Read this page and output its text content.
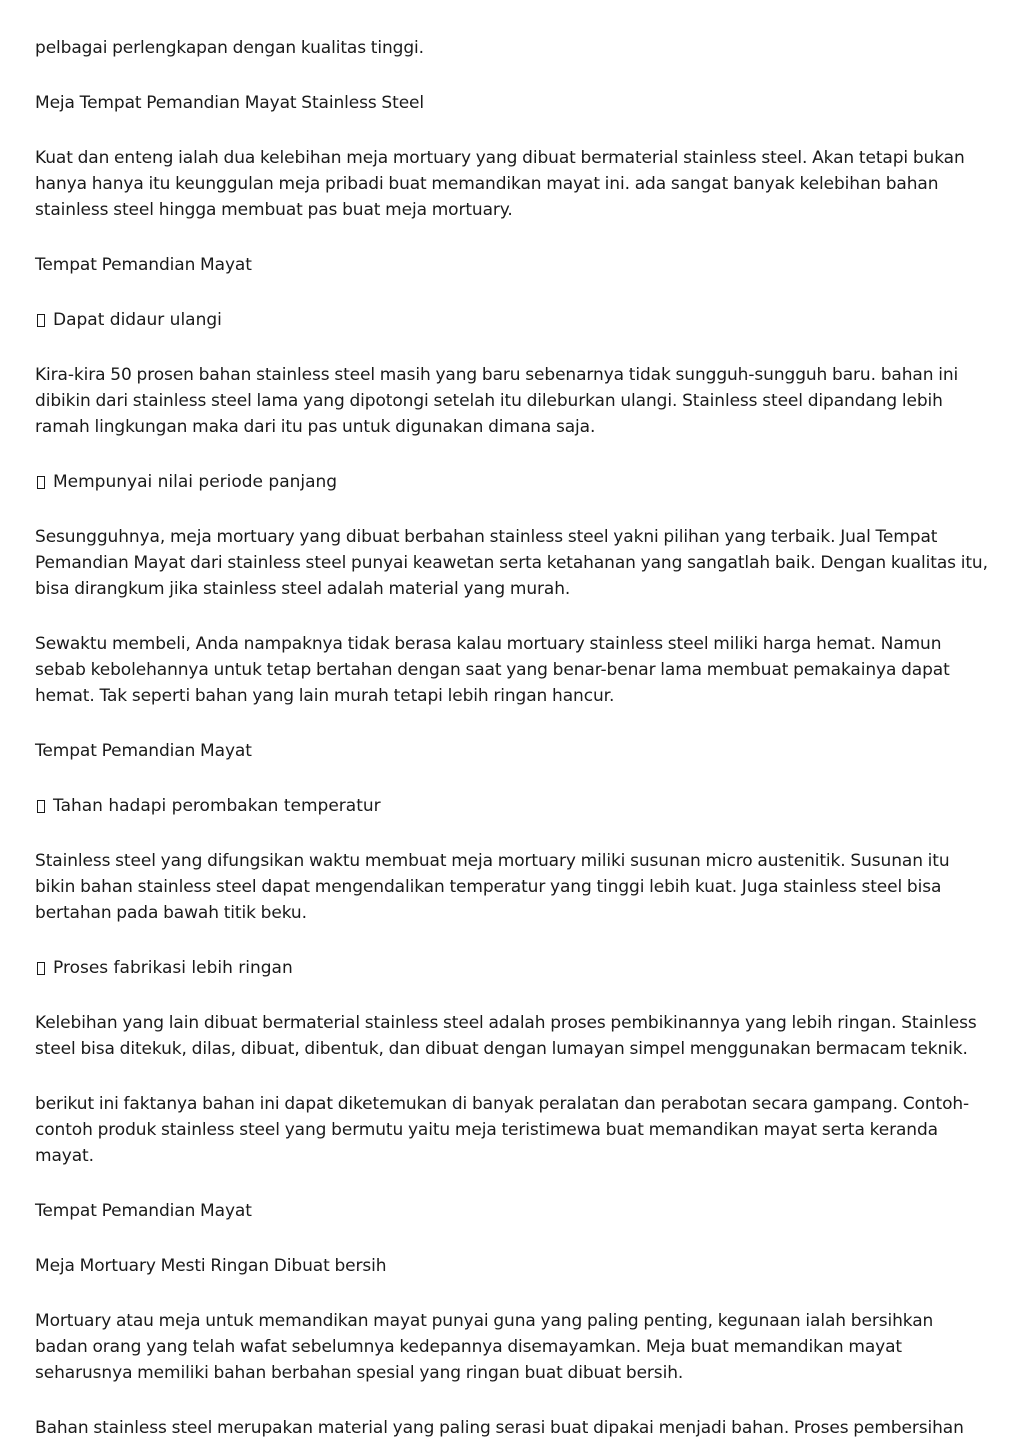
pelbagai perlengkapan dengan kualitas tinggi.

Meja Tempat Pemandian Mayat Stainless Steel

Kuat dan enteng ialah dua kelebihan meja mortuary yang dibuat bermaterial stainless steel. Akan tetapi bukan hanya hanya itu keunggulan meja pribadi buat memandikan mayat ini. ada sangat banyak kelebihan bahan stainless steel hingga membuat pas buat meja mortuary.

Tempat Pemandian Mayat

Dapat didaur ulangi

Kira-kira 50 prosen bahan stainless steel masih yang baru sebenarnya tidak sungguh-sungguh baru. bahan ini dibikin dari stainless steel lama yang dipotongi setelah itu dileburkan ulangi. Stainless steel dipandang lebih ramah lingkungan maka dari itu pas untuk digunakan dimana saja.

Mempunyai nilai periode panjang

Sesungguhnya, meja mortuary yang dibuat berbahan stainless steel yakni pilihan yang terbaik. Jual Tempat Pemandian Mayat dari stainless steel punyai keawetan serta ketahanan yang sangatlah baik. Dengan kualitas itu, bisa dirangkum jika stainless steel adalah material yang murah.

Sewaktu membeli, Anda nampaknya tidak berasa kalau mortuary stainless steel miliki harga hemat. Namun sebab kebolehannya untuk tetap bertahan dengan saat yang benar-benar lama membuat pemakainya dapat hemat. Tak seperti bahan yang lain murah tetapi lebih ringan hancur.

Tempat Pemandian Mayat

Tahan hadapi perombakan temperatur

Stainless steel yang difungsikan waktu membuat meja mortuary miliki susunan micro austenitik. Susunan itu bikin bahan stainless steel dapat mengendalikan temperatur yang tinggi lebih kuat. Juga stainless steel bisa bertahan pada bawah titik beku.

Proses fabrikasi lebih ringan

Kelebihan yang lain dibuat bermaterial stainless steel adalah proses pembikinannya yang lebih ringan. Stainless steel bisa ditekuk, dilas, dibuat, dibentuk, dan dibuat dengan lumayan simpel menggunakan bermacam teknik.

berikut ini faktanya bahan ini dapat diketemukan di banyak peralatan dan perabotan secara gampang. Contoh-contoh produk stainless steel yang bermutu yaitu meja teristimewa buat memandikan mayat serta keranda mayat.

Tempat Pemandian Mayat

Meja Mortuary Mesti Ringan Dibuat bersih

Mortuary atau meja untuk memandikan mayat punyai guna yang paling penting, kegunaan ialah bersihkan badan orang yang telah wafat sebelumnya kedepannya disemayamkan. Meja buat memandikan mayat seharusnya memiliki bahan berbahan spesial yang ringan buat dibuat bersih.

Bahan stainless steel merupakan material yang paling serasi buat dipakai menjadi bahan. Proses pembersihan
